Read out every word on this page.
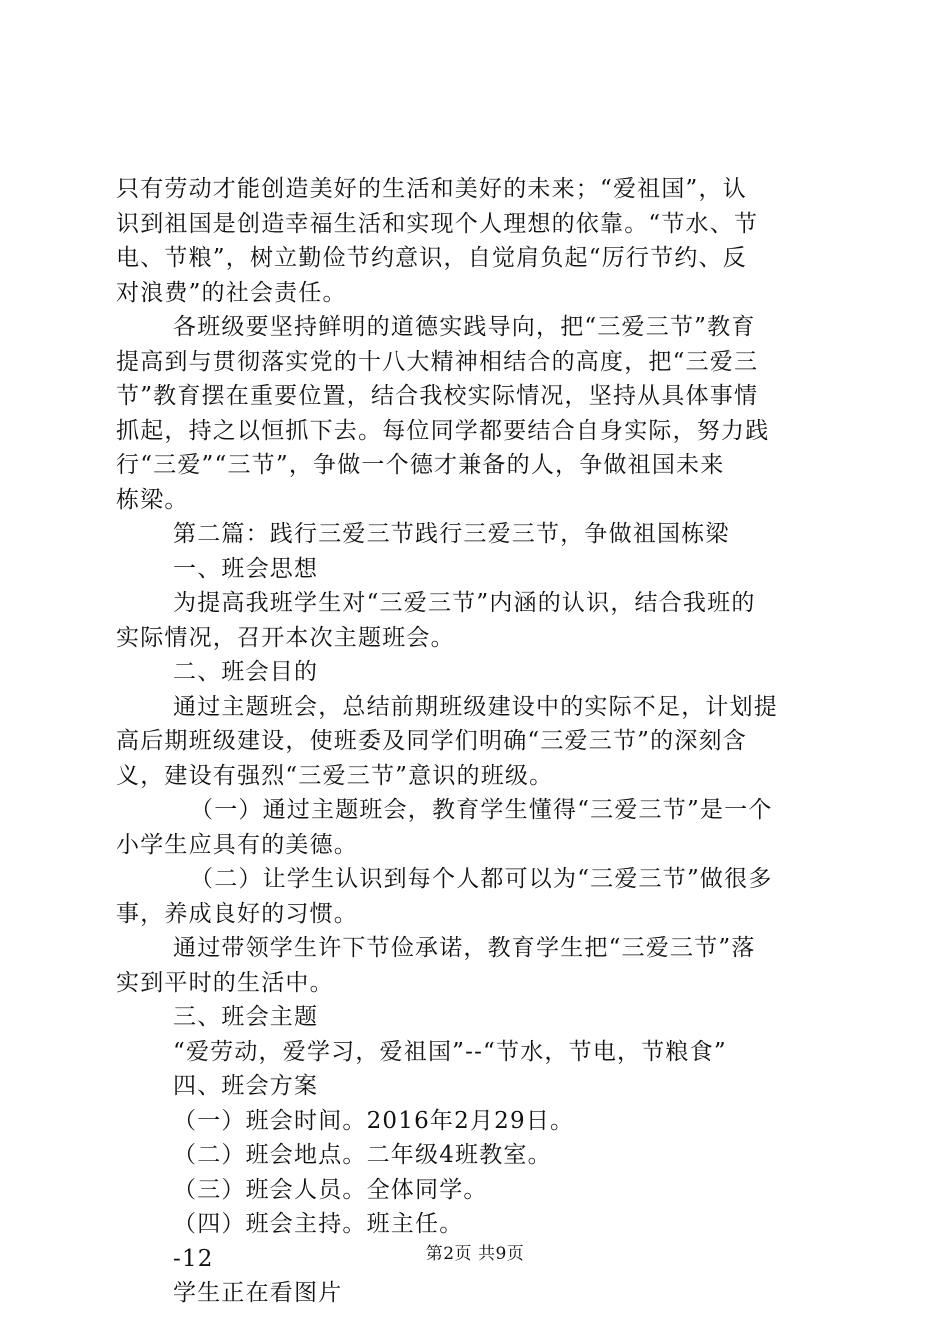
只有劳动才能创造美好的生活和美好的未来；“爱祖国”，认
识到祖国是创造幸福生活和实现个人理想的依靠。“节水、节
电、节粮”，树立勤俭节约意识，自觉肩负起“厉行节约、反
对浪费”的社会责任。
各班级要坚持鲜明的道德实践导向，把“三爱三节”教育
提高到与贯彻落实党的十八大精神相结合的高度，把“三爱三
节”教育摆在重要位置，结合我校实际情况，坚持从具体事情
抓起，持之以恒抓下去。每位同学都要结合自身实际，努力践
行“三爱”“三节”，争做一个德才兼备的人，争做祖国未来
栋梁。
第二篇：践行三爱三节践行三爱三节，争做祖国栋梁
一、班会思想
为提高我班学生对“三爱三节”内涵的认识，结合我班的
实际情况，召开本次主题班会。
二、班会目的
通过主题班会，总结前期班级建设中的实际不足，计划提
高后期班级建设，使班委及同学们明确“三爱三节”的深刻含
义，建设有强烈“三爱三节”意识的班级。
（一）通过主题班会，教育学生懂得“三爱三节”是一个
小学生应具有的美德。
（二）让学生认识到每个人都可以为“三爱三节”做很多
事，养成良好的习惯。
通过带领学生许下节俭承诺，教育学生把“三爱三节”落
实到平时的生活中。
三、班会主题
“爱劳动，爱学习，爱祖国”--“节水，节电，节粮食”
四、班会方案
（一）班会时间。2016年2月29日。
（二）班会地点。二年级4班教室。
（三）班会人员。全体同学。
（四）班会主持。班主任。
-12
学生正在看图片
第2页 共9页
